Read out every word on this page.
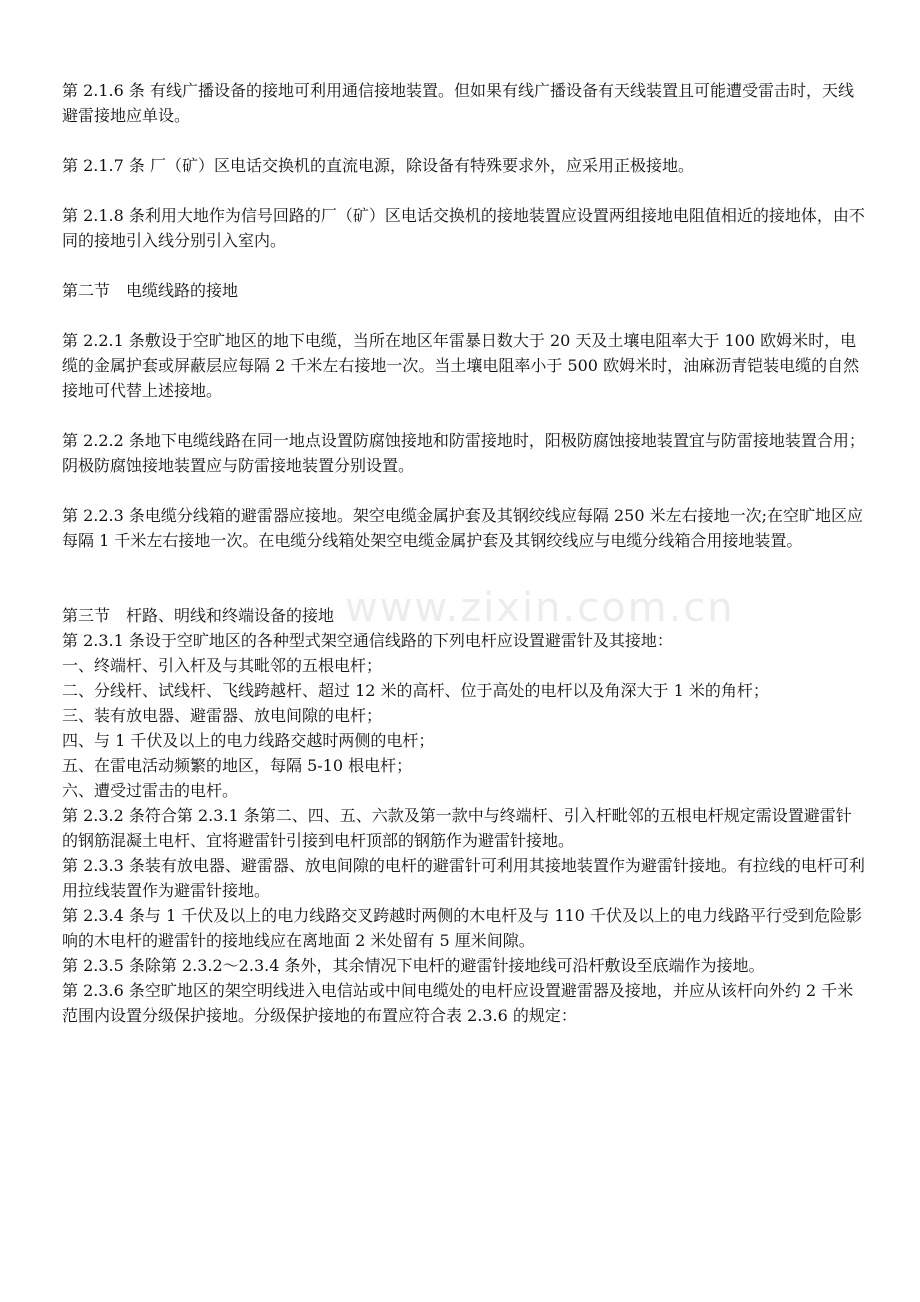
www.zixin.com.cn

第 2.1.6 条 有线广播设备的接地可利用通信接地装置。但如果有线广播设备有天线装置且可能遭受雷击时，天线避雷接地应单设。

第 2.1.7 条 厂（矿）区电话交换机的直流电源，除设备有特殊要求外，应采用正极接地。

第 2.1.8 条利用大地作为信号回路的厂（矿）区电话交换机的接地装置应设置两组接地电阻值相近的接地体，由不同的接地引入线分别引入室内。

第二节　电缆线路的接地

第 2.2.1 条敷设于空旷地区的地下电缆，当所在地区年雷暴日数大于 20 天及土壤电阻率大于 100 欧姆米时，电缆的金属护套或屏蔽层应每隔 2 千米左右接地一次。当土壤电阻率小于 500 欧姆米时，油麻沥青铠装电缆的自然接地可代替上述接地。

第 2.2.2 条地下电缆线路在同一地点设置防腐蚀接地和防雷接地时，阳极防腐蚀接地装置宜与防雷接地装置合用；阴极防腐蚀接地装置应与防雷接地装置分别设置。

第 2.2.3 条电缆分线箱的避雷器应接地。架空电缆金属护套及其钢绞线应每隔 250 米左右接地一次;在空旷地区应每隔 1 千米左右接地一次。在电缆分线箱处架空电缆金属护套及其钢绞线应与电缆分线箱合用接地装置。

第三节　杆路、明线和终端设备的接地

第 2.3.1 条设于空旷地区的各种型式架空通信线路的下列电杆应设置避雷针及其接地：

一、终端杆、引入杆及与其毗邻的五根电杆；

二、分线杆、试线杆、飞线跨越杆、超过 12 米的高杆、位于高处的电杆以及角深大于 1 米的角杆；

三、装有放电器、避雷器、放电间隙的电杆；

四、与 1 千伏及以上的电力线路交越时两侧的电杆；

五、在雷电活动频繁的地区，每隔 5-10 根电杆；

六、遭受过雷击的电杆。

第 2.3.2 条符合第 2.3.1 条第二、四、五、六款及第一款中与终端杆、引入杆毗邻的五根电杆规定需设置避雷针的钢筋混凝土电杆、宜将避雷针引接到电杆顶部的钢筋作为避雷针接地。

第 2.3.3 条装有放电器、避雷器、放电间隙的电杆的避雷针可利用其接地装置作为避雷针接地。有拉线的电杆可利用拉线装置作为避雷针接地。

第 2.3.4 条与 1 千伏及以上的电力线路交叉跨越时两侧的木电杆及与 110 千伏及以上的电力线路平行受到危险影响的木电杆的避雷针的接地线应在离地面 2 米处留有 5 厘米间隙。

第 2.3.5 条除第 2.3.2～2.3.4 条外，其余情况下电杆的避雷针接地线可沿杆敷设至底端作为接地。

第 2.3.6 条空旷地区的架空明线进入电信站或中间电缆处的电杆应设置避雷器及接地，并应从该杆向外约 2 千米范围内设置分级保护接地。分级保护接地的布置应符合表 2.3.6 的规定：
